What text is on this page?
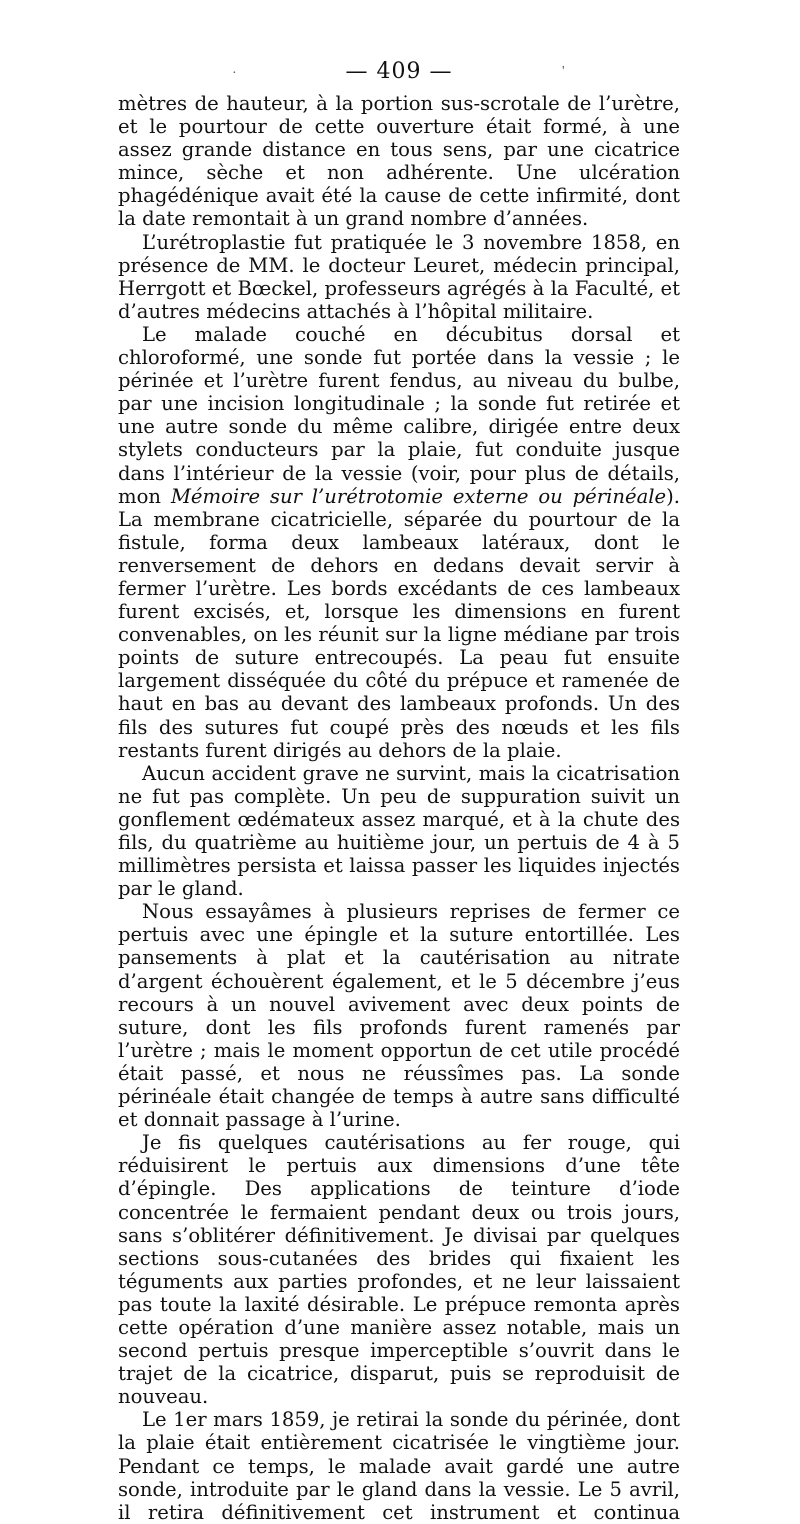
— 409 —

mètres de hauteur, à la portion sus-scrotale de l’urètre, et le pourtour de cette ouverture était formé, à une assez grande distance en tous sens, par une cicatrice mince, sèche et non adhérente. Une ulcération phagédénique avait été la cause de cette infirmité, dont la date remontait à un grand nombre d’années.

L’urétroplastie fut pratiquée le 3 novembre 1858, en présence de MM. le docteur Leuret, médecin principal, Herrgott et Bœckel, professeurs agrégés à la Faculté, et d’autres médecins attachés à l’hôpital militaire.

Le malade couché en décubitus dorsal et chloroformé, une sonde fut portée dans la vessie ; le périnée et l’urètre furent fendus, au niveau du bulbe, par une incision longitudinale ; la sonde fut retirée et une autre sonde du même calibre, dirigée entre deux stylets conducteurs par la plaie, fut conduite jusque dans l’intérieur de la vessie (voir, pour plus de détails, mon Mémoire sur l’urétrotomie externe ou périnéale). La membrane cicatricielle, séparée du pourtour de la fistule, forma deux lambeaux latéraux, dont le renversement de dehors en dedans devait servir à fermer l’urètre. Les bords excédants de ces lambeaux furent excisés, et, lorsque les dimensions en furent convenables, on les réunit sur la ligne médiane par trois points de suture entrecoupés. La peau fut ensuite largement disséquée du côté du prépuce et ramenée de haut en bas au devant des lambeaux profonds. Un des fils des sutures fut coupé près des nœuds et les fils restants furent dirigés au dehors de la plaie.

Aucun accident grave ne survint, mais la cicatrisation ne fut pas complète. Un peu de suppuration suivit un gonflement œdémateux assez marqué, et à la chute des fils, du quatrième au huitième jour, un pertuis de 4 à 5 millimètres persista et laissa passer les liquides injectés par le gland.

Nous essayâmes à plusieurs reprises de fermer ce pertuis avec une épingle et la suture entortillée. Les pansements à plat et la cautérisation au nitrate d’argent échouèrent également, et le 5 décembre j’eus recours à un nouvel avivement avec deux points de suture, dont les fils profonds furent ramenés par l’urètre ; mais le moment opportun de cet utile procédé était passé, et nous ne réussîmes pas. La sonde périnéale était changée de temps à autre sans difficulté et donnait passage à l’urine.

Je fis quelques cautérisations au fer rouge, qui réduisirent le pertuis aux dimensions d’une tête d’épingle. Des applications de teinture d’iode concentrée le fermaient pendant deux ou trois jours, sans s’oblitérer définitivement. Je divisai par quelques sections sous-cutanées des brides qui fixaient les téguments aux parties profondes, et ne leur laissaient pas toute la laxité désirable. Le prépuce remonta après cette opération d’une manière assez notable, mais un second pertuis presque imperceptible s’ouvrit dans le trajet de la cicatrice, disparut, puis se reproduisit de nouveau.

Le 1er mars 1859, je retirai la sonde du périnée, dont la plaie était entièrement cicatrisée le vingtième jour. Pendant ce temps, le malade avait gardé une autre sonde, introduite par le gland dans la vessie. Le 5 avril, il retira définitivement cet instrument et continua

·	'
